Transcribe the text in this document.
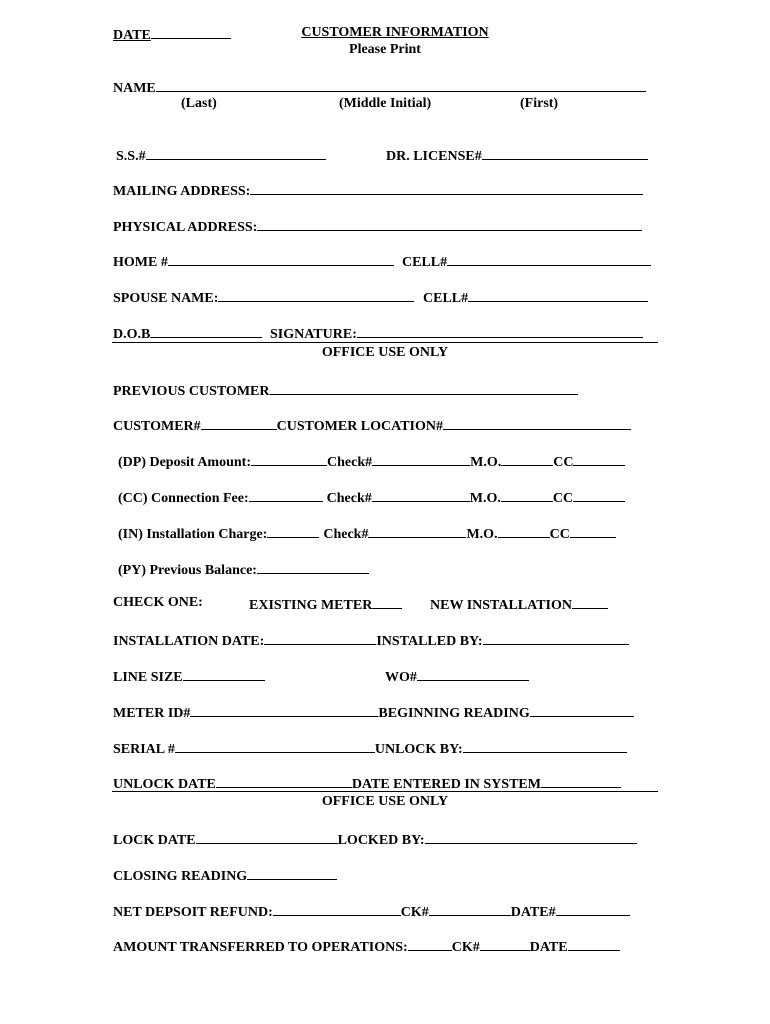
DATE	CUSTOMER INFORMATION
Please Print
NAME
(Last)	(Middle Initial)	(First)
S.S.#	DR. LICENSE#
MAILING ADDRESS:
PHYSICAL ADDRESS:
HOME #	CELL#
SPOUSE NAME:	CELL#
D.O.B	SIGNATURE:
OFFICE USE ONLY
PREVIOUS CUSTOMER
CUSTOMER#	CUSTOMER LOCATION#
(DP) Deposit Amount:	Check#	M.O.	CC
(CC) Connection Fee:	Check#	M.O.	CC
(IN) Installation Charge:	Check#	M.O.	CC
(PY) Previous Balance:
CHECK ONE:	EXISTING METER	NEW INSTALLATION
INSTALLATION DATE:	INSTALLED BY:
LINE SIZE	WO#
METER ID#	BEGINNING READING
SERIAL #	UNLOCK BY:
UNLOCK DATE	DATE ENTERED IN SYSTEM
OFFICE USE ONLY
LOCK DATE	LOCKED BY:
CLOSING READING
NET DEPSOIT REFUND:	CK#	DATE#
AMOUNT TRANSFERRED TO OPERATIONS:	CK#	DATE
